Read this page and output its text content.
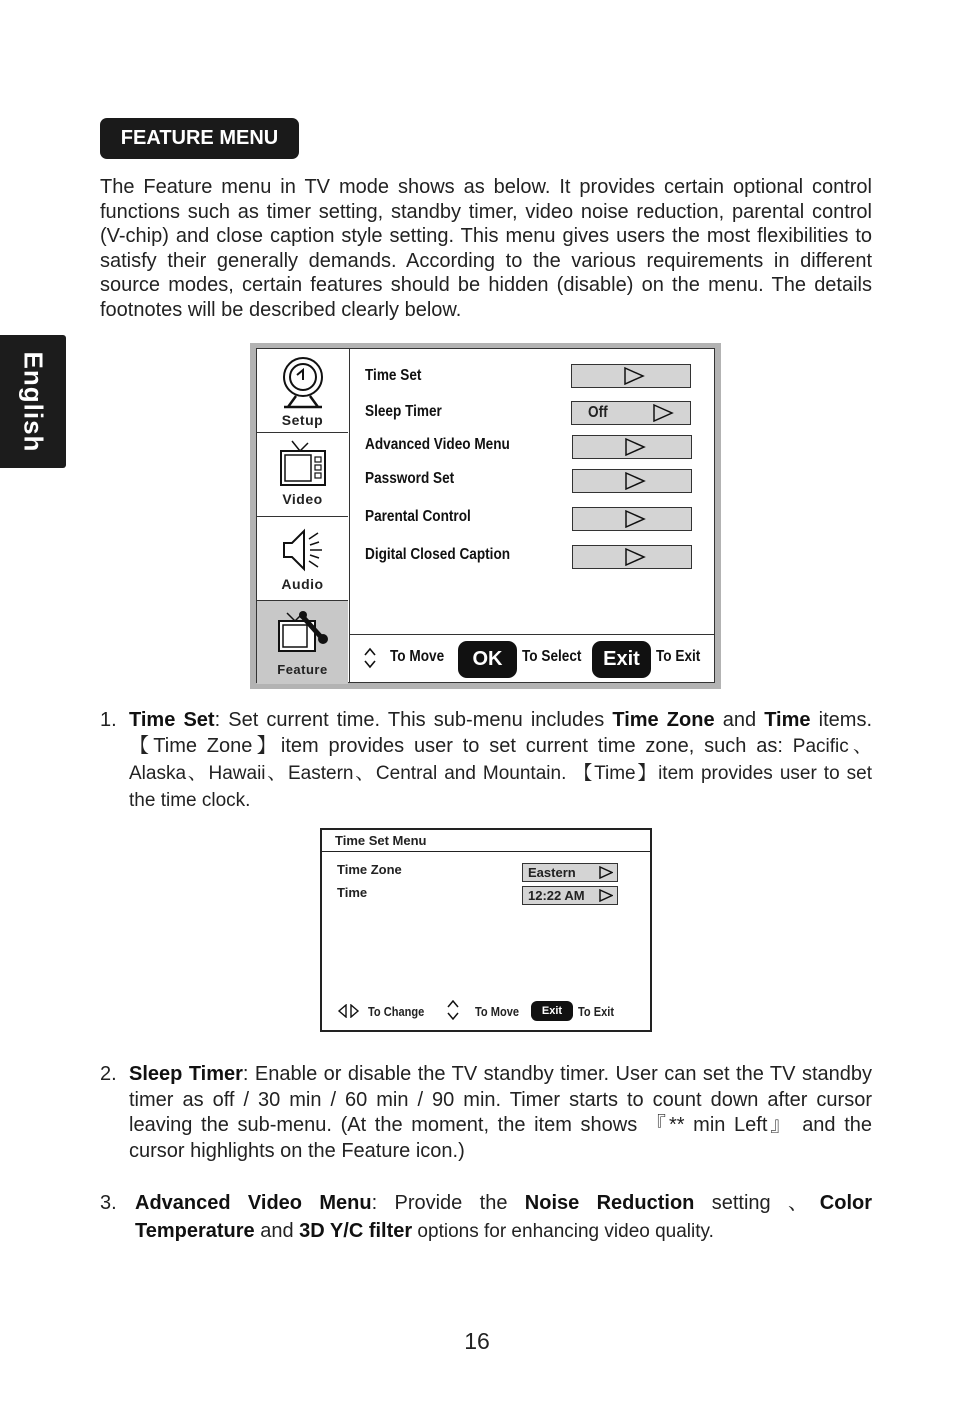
English
FEATURE MENU

The Feature menu in TV mode shows as below. It provides certain optional control functions such as timer setting, standby timer, video noise reduction, parental control (V-chip) and close caption style setting. This menu gives users the most flexibilities to satisfy their generally demands. According to the various requirements in different source modes, certain features should be hidden (disable) on the menu. The details footnotes will be described clearly below.

Setup
Video
Audio
Feature
Time Set
Sleep Timer	Off
Advanced Video Menu
Password Set
Parental Control
Digital Closed Caption
To Move	OK	To Select	Exit	To Exit
1. Time Set: Set current time. This sub-menu includes Time Zone and Time items. 【Time Zone】item provides user to set current time zone, such as: Pacific、Alaska、Hawaii、Eastern、Central and Mountain. 【Time】item provides user to set the time clock.
Time Set Menu
Time Zone	Eastern
Time	12:22 AM
To Change	To Move	Exit	To Exit
2. Sleep Timer: Enable or disable the TV standby timer. User can set the TV standby timer as off / 30 min / 60 min / 90 min. Timer starts to count down after cursor leaving the sub-menu. (At the moment, the item shows 『** min Left』 and the cursor highlights on the Feature icon.)
3. Advanced Video Menu: Provide the Noise Reduction setting 、Color Temperature and 3D Y/C filter options for enhancing video quality.
16
